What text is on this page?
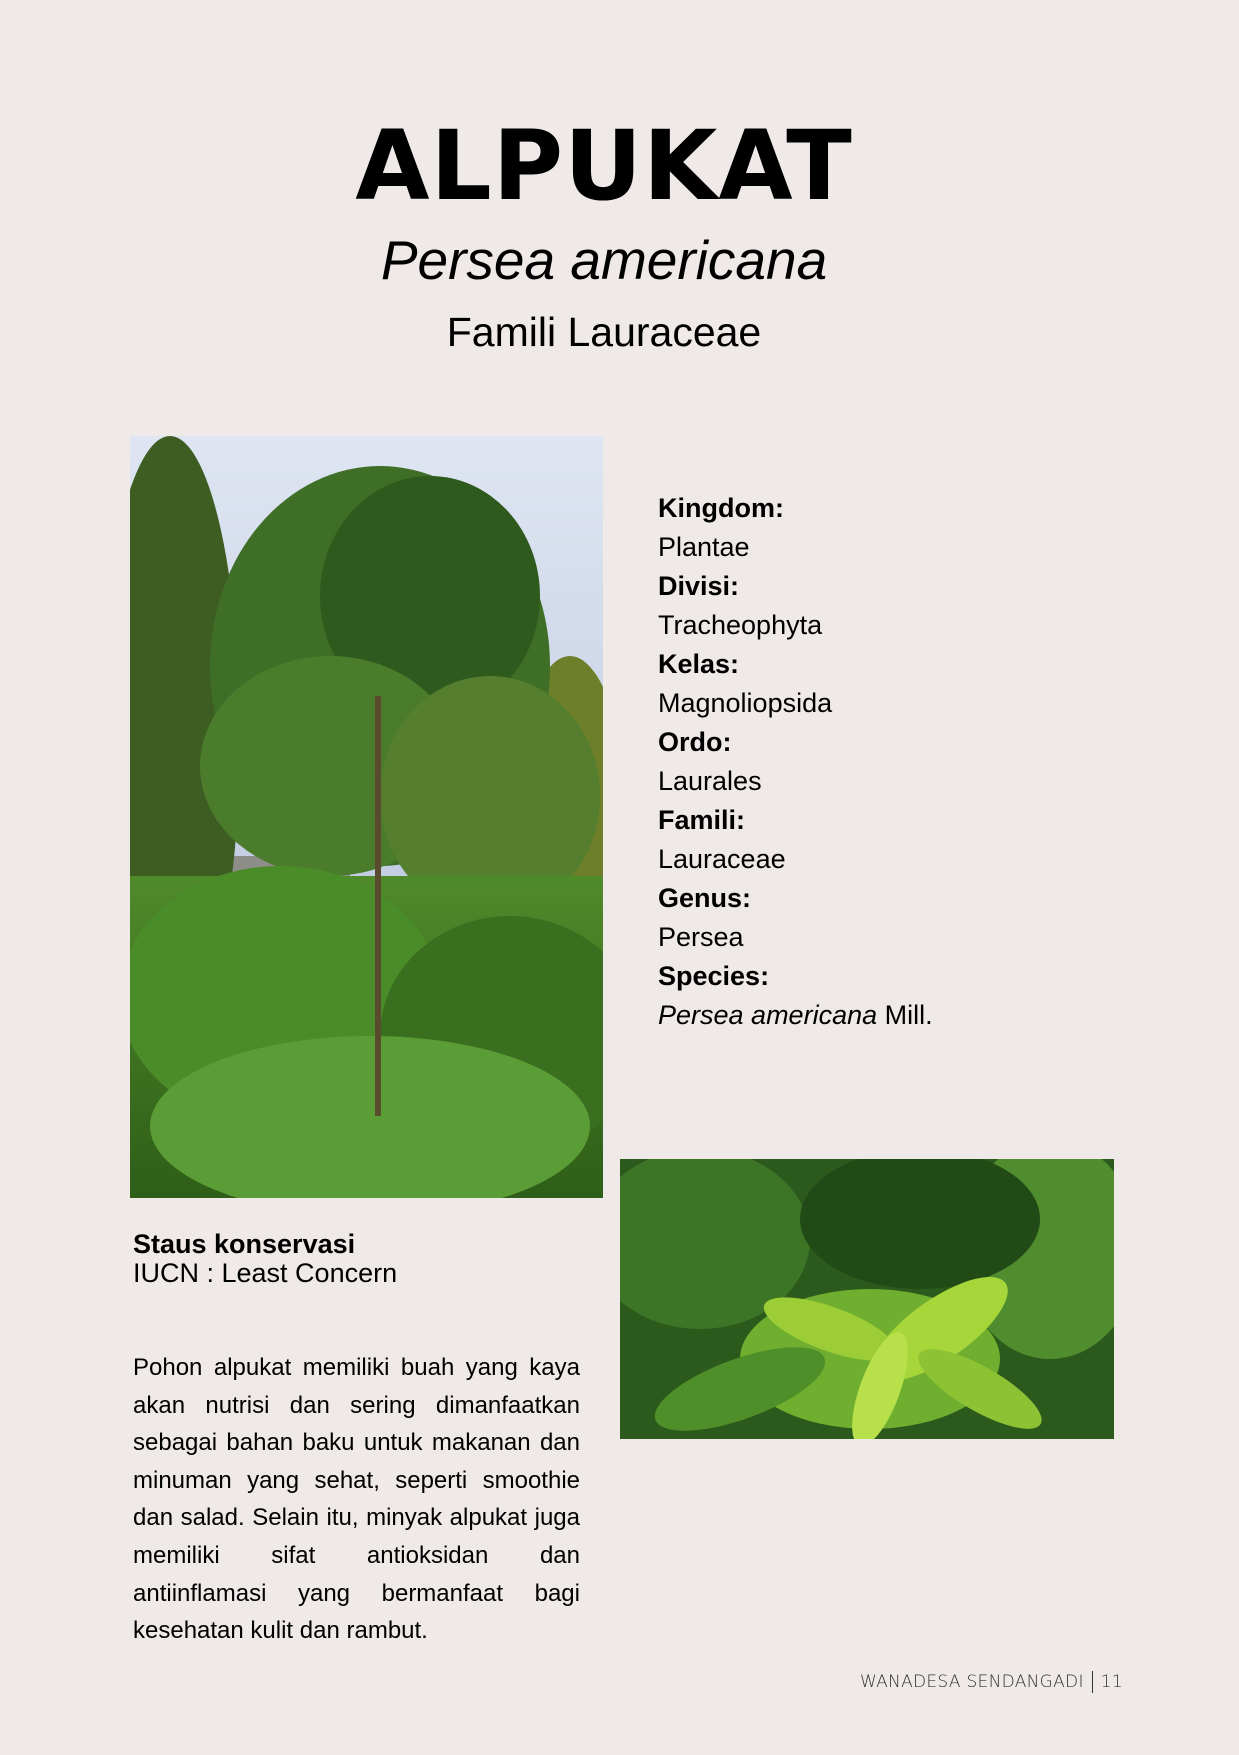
ALPUKAT
Persea americana
Famili Lauraceae
Kingdom:
Plantae
Divisi:
Tracheophyta
Kelas:
Magnoliopsida
Ordo:
Laurales
Famili:
Lauraceae
Genus:
Persea
Species:
Persea americana Mill.
Staus konservasi
IUCN : Least Concern
Pohon alpukat memiliki buah yang kaya akan nutrisi dan sering dimanfaatkan sebagai bahan baku untuk makanan dan minuman yang sehat, seperti smoothie dan salad. Selain itu, minyak alpukat juga memiliki sifat antioksidan dan antiinflamasi yang bermanfaat bagi kesehatan kulit dan rambut.
WANADESA SENDANGADI 11
